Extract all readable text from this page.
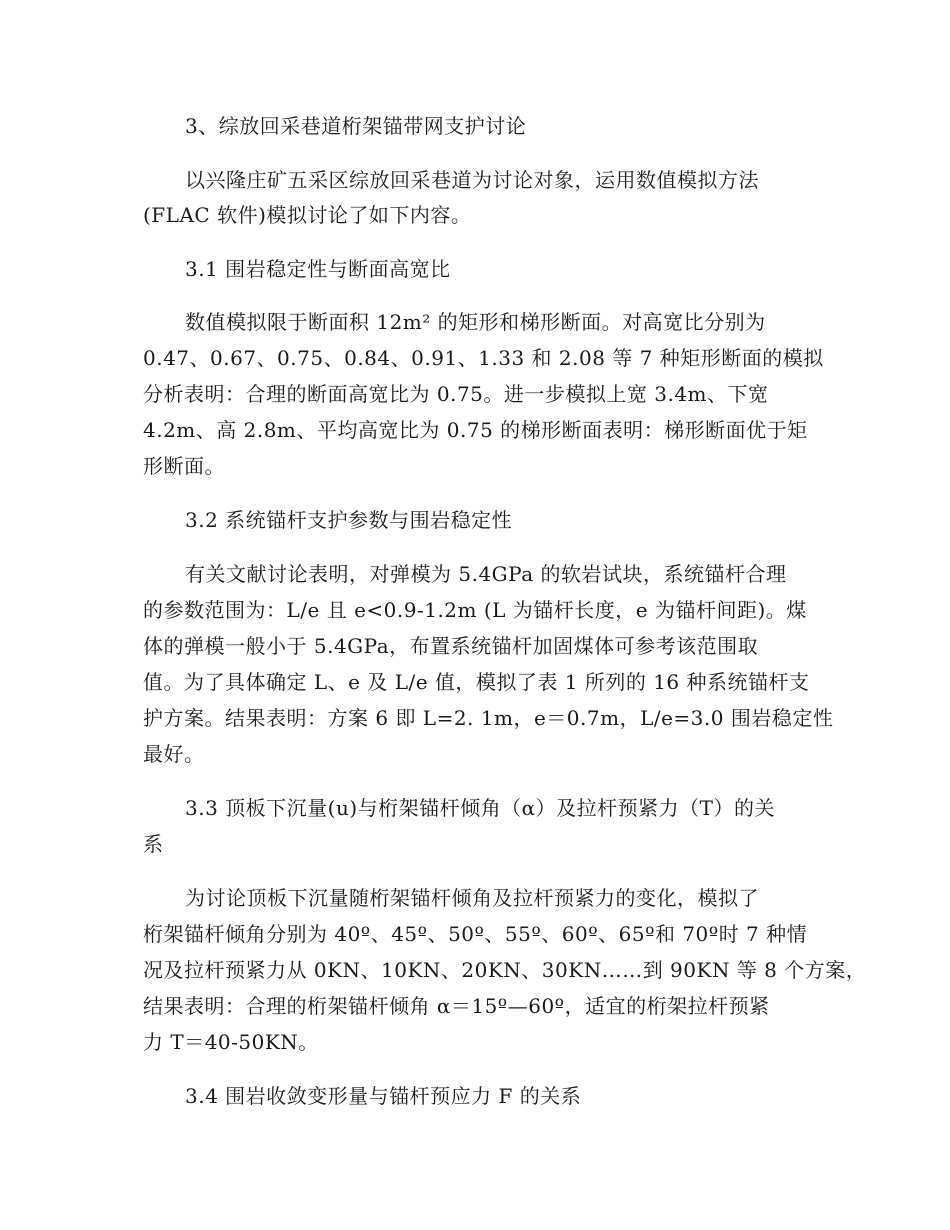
3、综放回采巷道桁架锚带网支护讨论
以兴隆庄矿五采区综放回采巷道为讨论对象，运用数值模拟方法
(FLAC 软件)模拟讨论了如下内容。
3.1 围岩稳定性与断面高宽比
数值模拟限于断面积 12m² 的矩形和梯形断面。对高宽比分别为
0.47、0.67、0.75、0.84、0.91、1.33 和 2.08 等 7 种矩形断面的模拟
分析表明：合理的断面高宽比为 0.75。进一步模拟上宽 3.4m、下宽
4.2m、高 2.8m、平均高宽比为 0.75 的梯形断面表明：梯形断面优于矩
形断面。
3.2 系统锚杆支护参数与围岩稳定性
有关文献讨论表明，对弹模为 5.4GPa 的软岩试块，系统锚杆合理
的参数范围为：L/e 且 e<0.9-1.2m (L 为锚杆长度，e 为锚杆间距)。煤
体的弹模一般小于 5.4GPa，布置系统锚杆加固煤体可参考该范围取
值。为了具体确定 L、e 及 L/e 值，模拟了表 1 所列的 16 种系统锚杆支
护方案。结果表明：方案 6 即 L=2. 1m，e＝0.7m，L/e=3.0 围岩稳定性
最好。
3.3 顶板下沉量(u)与桁架锚杆倾角（α）及拉杆预紧力（T）的关
系
为讨论顶板下沉量随桁架锚杆倾角及拉杆预紧力的变化，模拟了
桁架锚杆倾角分别为 40º、45º、50º、55º、60º、65º和 70º时 7 种情
况及拉杆预紧力从 0KN、10KN、20KN、30KN……到 90KN 等 8 个方案，
结果表明：合理的桁架锚杆倾角 α＝15º—60º，适宜的桁架拉杆预紧
力 T＝40-50KN。
3.4 围岩收敛变形量与锚杆预应力 F 的关系
